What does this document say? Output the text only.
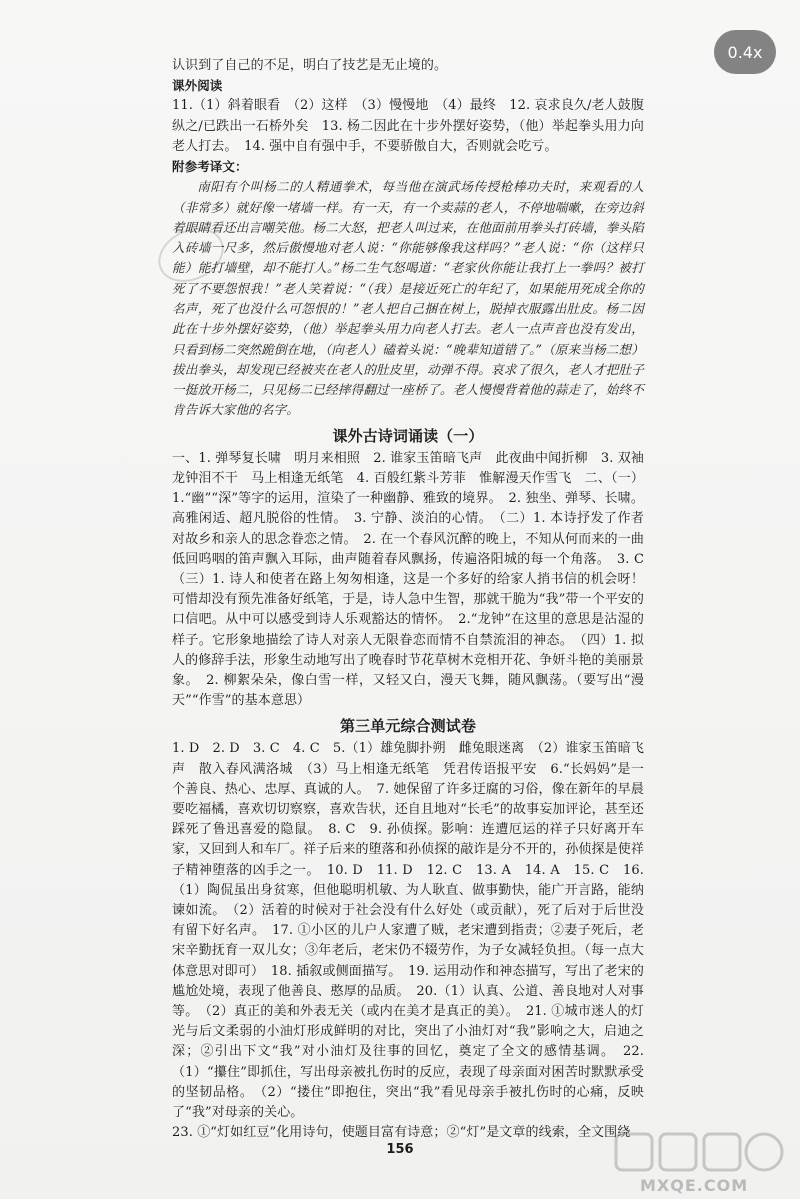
认识到了自己的不足，明白了技艺是无止境的。

课外阅读

11.（1）斜着眼看　（2）这样　（3）慢慢地　（4）最终　12. 哀求良久/老人鼓腹纵之/已跌出一石桥外矣　13. 杨二因此在十步外摆好姿势，（他）举起拳头用力向老人打去。　14. 强中自有强中手，不要骄傲自大，否则就会吃亏。

附参考译文：

南阳有个叫杨二的人精通拳术，每当他在演武场传授枪棒功夫时，来观看的人（非常多）就好像一堵墙一样。有一天，有一个卖蒜的老人，不停地喘嗽，在旁边斜着眼睛看还出言嘲笑他。杨二大怒，把老人叫过来，在他面前用拳头打砖墙，拳头陷入砖墙一尺多，然后傲慢地对老人说：“你能够像我这样吗？”老人说：“你（这样只能）能打墙壁，却不能打人。”杨二生气怒喝道：“老家伙你能让我打上一拳吗？被打死了不要怨恨我！”老人笑着说：“（我）是接近死亡的年纪了，如果能用死成全你的名声，死了也没什么可怨恨的！”老人把自己捆在树上，脱掉衣服露出肚皮。杨二因此在十步外摆好姿势，（他）举起拳头用力向老人打去。老人一点声音也没有发出，只看到杨二突然跪倒在地，（向老人）磕着头说：“晚辈知道错了。”（原来当杨二想）拔出拳头，却发现已经被夹在老人的肚皮里，动弹不得。哀求了很久，老人才把肚子一挺放开杨二，只见杨二已经摔得翻过一座桥了。老人慢慢背着他的蒜走了，始终不肯告诉大家他的名字。

课外古诗词诵读（一）

一、1. 弹琴复长啸　明月来相照　2. 谁家玉笛暗飞声　此夜曲中闻折柳　3. 双袖龙钟泪不干　马上相逢无纸笔　4. 百般红紫斗芳菲　惟解漫天作雪飞　二、（一）1.“幽”“深”等字的运用，渲染了一种幽静、雅致的境界。　2. 独坐、弹琴、长啸。高雅闲适、超凡脱俗的性情。　3. 宁静、淡泊的心情。　（二）1. 本诗抒发了作者对故乡和亲人的思念眷恋之情。　2. 在一个春风沉醉的晚上，不知从何而来的一曲低回呜咽的笛声飘入耳际，曲声随着春风飘扬，传遍洛阳城的每一个角落。　3. C　（三）1. 诗人和使者在路上匆匆相逢，这是一个多好的给家人捎书信的机会呀！可惜却没有预先准备好纸笔，于是，诗人急中生智，那就干脆为“我”带一个平安的口信吧。从中可以感受到诗人乐观豁达的情怀。　2.“龙钟”在这里的意思是沾湿的样子。它形象地描绘了诗人对亲人无限眷恋而情不自禁流泪的神态。　（四）1. 拟人的修辞手法，形象生动地写出了晚春时节花草树木竞相开花、争妍斗艳的美丽景象。　2. 柳絮朵朵，像白雪一样，又轻又白，漫天飞舞，随风飘荡。（要写出“漫天”“作雪”的基本意思）

第三单元综合测试卷

1. D　2. D　3. C　4. C　5.（1）雄兔脚扑朔　雌兔眼迷离　（2）谁家玉笛暗飞声　散入春风满洛城　（3）马上相逢无纸笔　凭君传语报平安　6.“长妈妈”是一个善良、热心、忠厚、真诚的人。　7. 她保留了许多迂腐的习俗，像在新年的早晨要吃福橘，喜欢切切察察，喜欢告状，还自且地对“长毛”的故事妄加评论，甚至还踩死了鲁迅喜爱的隐鼠。　8. C　9. 孙侦探。影响：连遭厄运的祥子只好离开车家，又回到人和车厂。祥子后来的堕落和孙侦探的敲诈是分不开的，孙侦探是使祥子精神堕落的凶手之一。　10. D　11. D　12. C　13. A　14. A　15. C　16.（1）陶侃虽出身贫寒，但他聪明机敏、为人耿直、做事勤快，能广开言路，能纳谏如流。　（2）活着的时候对于社会没有什么好处（或贡献），死了后对于后世没有留下好名声。　17. ①小区的儿户人家遭了贼，老宋遭到指责；②妻子死后，老宋辛勤抚育一双儿女；③年老后，老宋仍不辍劳作，为子女减轻负担。（每一点大体意思对即可）　18. 插叙或侧面描写。　19. 运用动作和神态描写，写出了老宋的尴尬处境，表现了他善良、憨厚的品质。　20.（1）认真、公道、善良地对人对事等。　（2）真正的美和外表无关（或内在美才是真正的美）。　21. ①城市迷人的灯光与后文柔弱的小油灯形成鲜明的对比，突出了小油灯对“我”影响之大，启迪之深；②引出下文“我”对小油灯及往事的回忆，奠定了全文的感情基调。　22.（1）“攥住”即抓住，写出母亲被扎伤时的反应，表现了母亲面对困苦时默默承受的坚韧品格。　（2）“搂住”即抱住，突出“我”看见母亲手被扎伤时的心痛，反映了“我”对母亲的关心。

23. ①“灯如红豆”化用诗句，使题目富有诗意；②“灯”是文章的线索，全文围绕

156
MXQE.COM
0.4x
